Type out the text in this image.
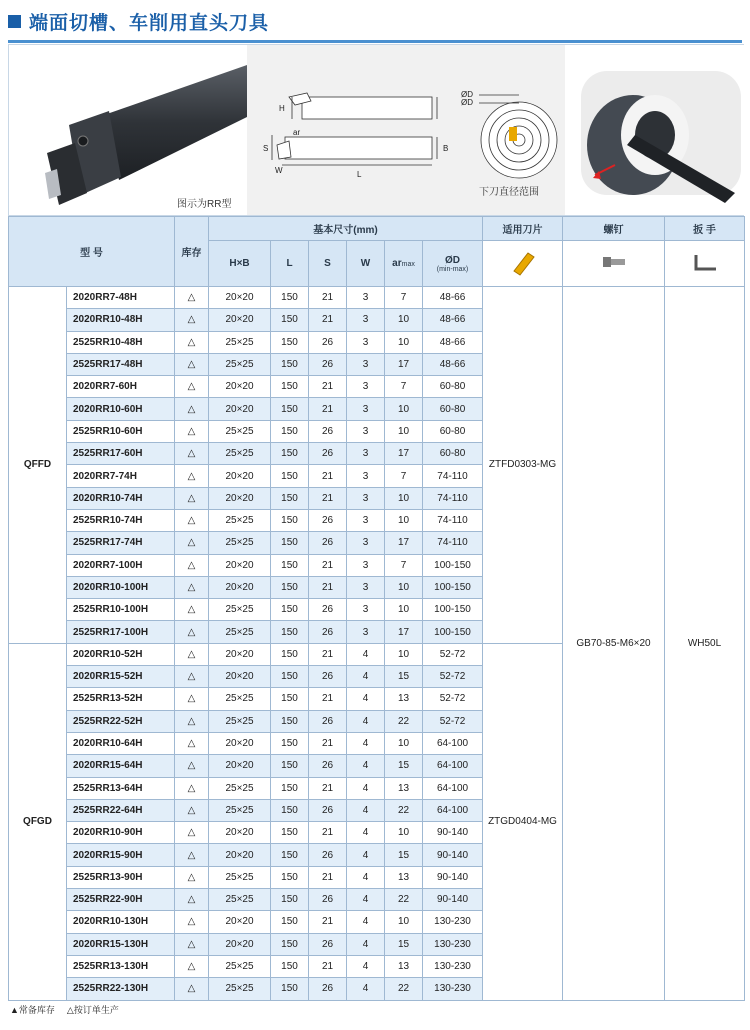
端面切槽、车削用直头刀具
图示为RR型
H
B
S
W	L
ar
ØD
ØD
下刀直径范围
型 号		库存	基本尺寸(mm)						适用刀片	螺钉	扳 手
			H×B	L	S	W	armax	ØD
(min-max)

QFFD	2020RR7-48H	△	20×20	150	21	3	7	48-66	ZTFD0303-MG	GB70-85-M6×20	WH50L
	2020RR10-48H	△	20×20	150	21	3	10	48-66			
	2525RR10-48H	△	25×25	150	26	3	10	48-66			
	2525RR17-48H	△	25×25	150	26	3	17	48-66			
	2020RR7-60H	△	20×20	150	21	3	7	60-80			
	2020RR10-60H	△	20×20	150	21	3	10	60-80			
	2525RR10-60H	△	25×25	150	26	3	10	60-80			
	2525RR17-60H	△	25×25	150	26	3	17	60-80			
	2020RR7-74H	△	20×20	150	21	3	7	74-110			
	2020RR10-74H	△	20×20	150	21	3	10	74-110			
	2525RR10-74H	△	25×25	150	26	3	10	74-110			
	2525RR17-74H	△	25×25	150	26	3	17	74-110			
	2020RR7-100H	△	20×20	150	21	3	7	100-150			
	2020RR10-100H	△	20×20	150	21	3	10	100-150			
	2525RR10-100H	△	25×25	150	26	3	10	100-150			
	2525RR17-100H	△	25×25	150	26	3	17	100-150			
QFGD	2020RR10-52H	△	20×20	150	21	4	10	52-72	ZTGD0404-MG		
	2020RR15-52H	△	20×20	150	26	4	15	52-72			
	2525RR13-52H	△	25×25	150	21	4	13	52-72			
	2525RR22-52H	△	25×25	150	26	4	22	52-72			
	2020RR10-64H	△	20×20	150	21	4	10	64-100			
	2020RR15-64H	△	20×20	150	26	4	15	64-100			
	2525RR13-64H	△	25×25	150	21	4	13	64-100			
	2525RR22-64H	△	25×25	150	26	4	22	64-100			
	2020RR10-90H	△	20×20	150	21	4	10	90-140			
	2020RR15-90H	△	20×20	150	26	4	15	90-140			
	2525RR13-90H	△	25×25	150	21	4	13	90-140			
	2525RR22-90H	△	25×25	150	26	4	22	90-140			
	2020RR10-130H	△	20×20	150	21	4	10	130-230			
	2020RR15-130H	△	20×20	150	26	4	15	130-230			
	2525RR13-130H	△	25×25	150	21	4	13	130-230			
	2525RR22-130H	△	25×25	150	26	4	22	130-230			
▲常备库存 △按订单生产
